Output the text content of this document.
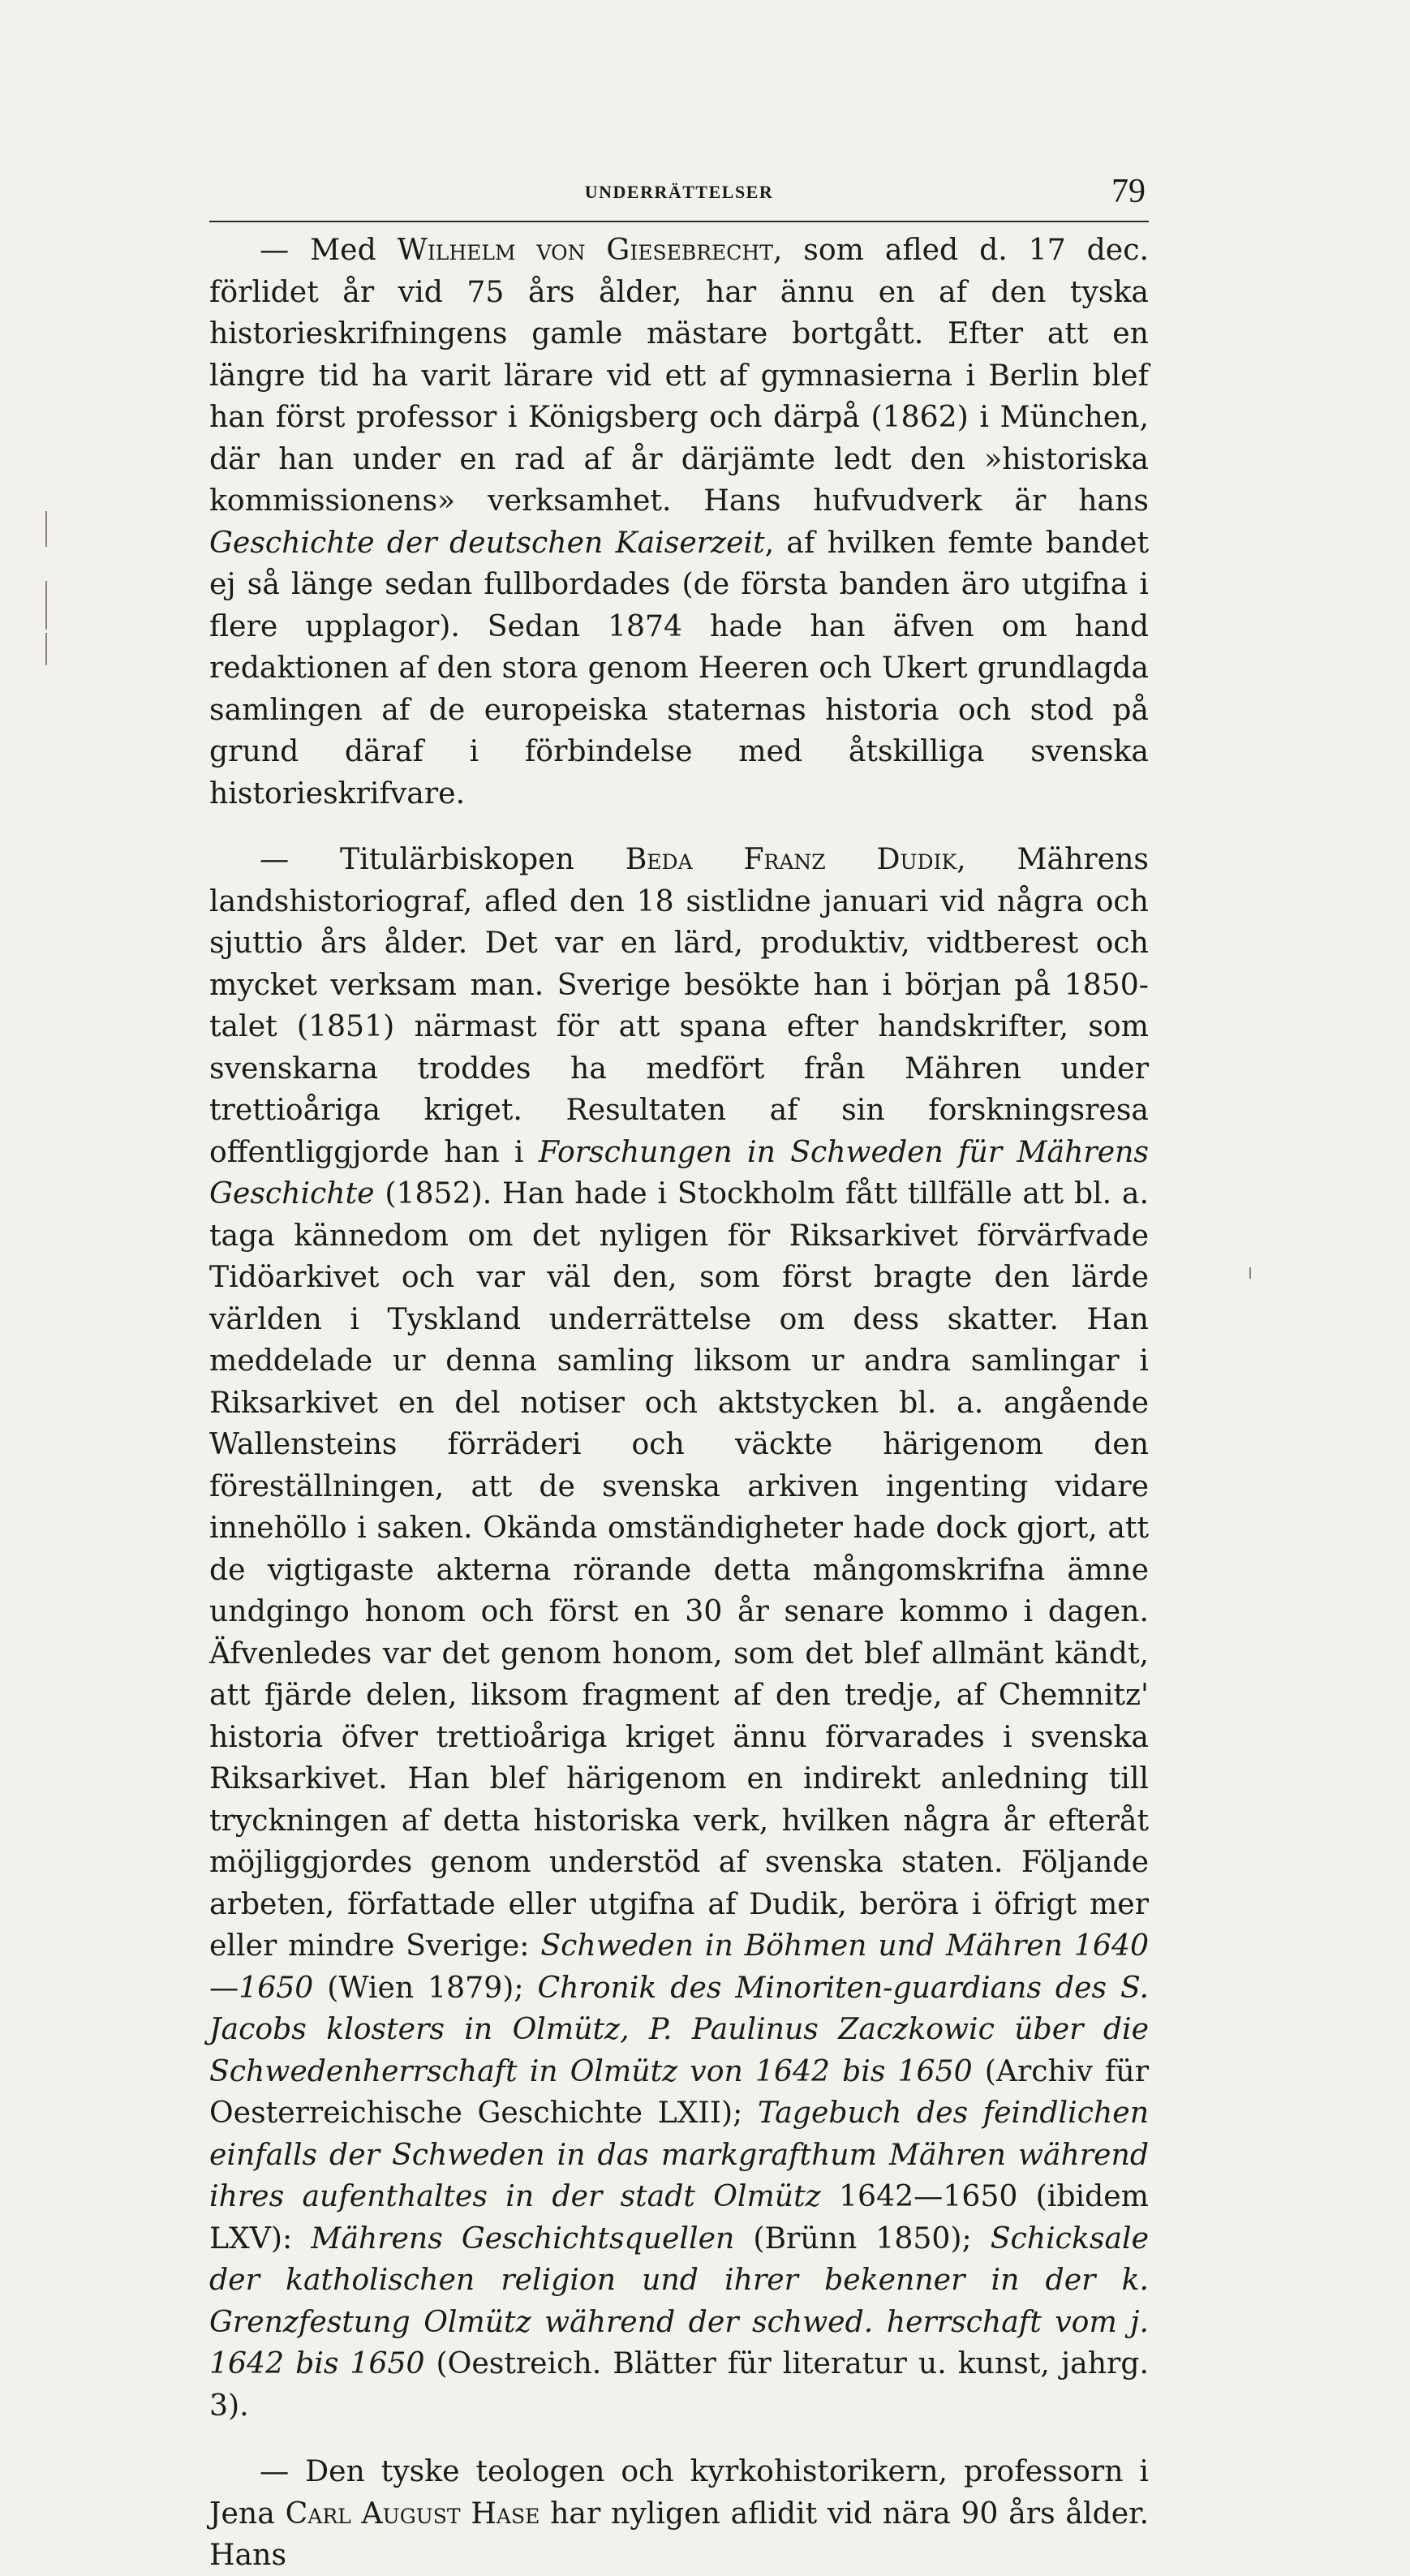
UNDERRÄTTELSER	79

— Med Wilhelm von Giesebrecht, som afled d. 17 dec. förlidet år vid 75 års ålder, har ännu en af den tyska historieskrifningens gamle mästare bortgått. Efter att en längre tid ha varit lärare vid ett af gymnasierna i Berlin blef han först professor i Königsberg och därpå (1862) i München, där han under en rad af år därjämte ledt den »historiska kommissionens» verksamhet. Hans hufvudverk är hans Geschichte der deutschen Kaiserzeit, af hvilken femte bandet ej så länge sedan fullbordades (de första banden äro utgifna i flere upplagor). Sedan 1874 hade han äfven om hand redaktionen af den stora genom Heeren och Ukert grundlagda samlingen af de europeiska staternas historia och stod på grund däraf i förbindelse med åtskilliga svenska historieskrifvare.

— Titulärbiskopen Beda Franz Dudik, Mährens landshistoriograf, afled den 18 sistlidne januari vid några och sjuttio års ålder. Det var en lärd, produktiv, vidtberest och mycket verksam man. Sverige besökte han i början på 1850-talet (1851) närmast för att spana efter handskrifter, som svenskarna troddes ha medfört från Mähren under trettioåriga kriget. Resultaten af sin forskningsresa offentliggjorde han i Forschungen in Schweden für Mährens Geschichte (1852). Han hade i Stockholm fått tillfälle att bl. a. taga kännedom om det nyligen för Riksarkivet förvärfvade Tidöarkivet och var väl den, som först bragte den lärde världen i Tyskland underrättelse om dess skatter. Han meddelade ur denna samling liksom ur andra samlingar i Riksarkivet en del notiser och aktstycken bl. a. angående Wallensteins förräderi och väckte härigenom den föreställningen, att de svenska arkiven ingenting vidare innehöllo i saken. Okända omständigheter hade dock gjort, att de vigtigaste akterna rörande detta mångomskrifna ämne undgingo honom och först en 30 år senare kommo i dagen. Äfvenledes var det genom honom, som det blef allmänt kändt, att fjärde delen, liksom fragment af den tredje, af Chemnitz' historia öfver trettioåriga kriget ännu förvarades i svenska Riksarkivet. Han blef härigenom en indirekt anledning till tryckningen af detta historiska verk, hvilken några år efteråt möjliggjordes genom understöd af svenska staten. Följande arbeten, författade eller utgifna af Dudik, beröra i öfrigt mer eller mindre Sverige: Schweden in Böhmen und Mähren 1640—1650 (Wien 1879); Chronik des Minoriten-guardians des S. Jacobs klosters in Olmütz, P. Paulinus Zaczkowic über die Schwedenherrschaft in Olmütz von 1642 bis 1650 (Archiv für Oesterreichische Geschichte LXII); Tagebuch des feindlichen einfalls der Schweden in das markgrafthum Mähren während ihres aufenthaltes in der stadt Olmütz 1642—1650 (ibidem LXV): Mährens Geschichtsquellen (Brünn 1850); Schicksale der katholischen religion und ihrer bekenner in der k. Grenzfestung Olmütz während der schwed. herrschaft vom j. 1642 bis 1650 (Oestreich. Blätter für literatur u. kunst, jahrg. 3).

— Den tyske teologen och kyrkohistorikern, professorn i Jena Carl August Hase har nyligen aflidit vid nära 90 års ålder. Hans
